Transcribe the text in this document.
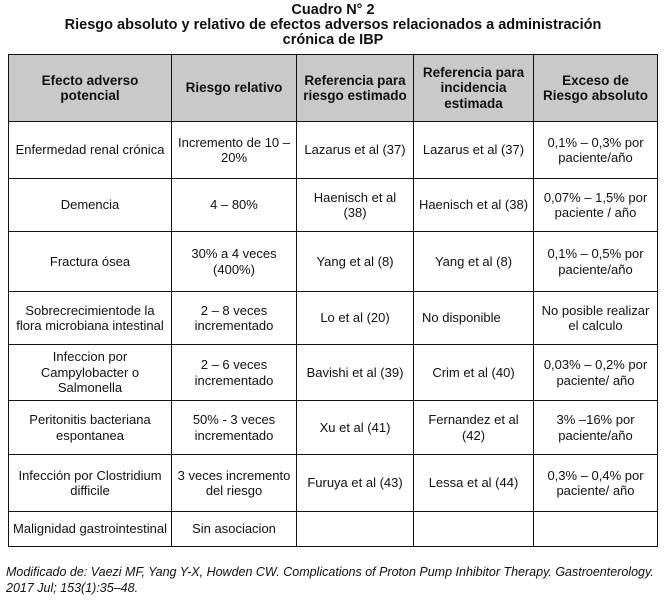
Cuadro N° 2
Riesgo absoluto y relativo de efectos adversos relacionados a administración
crónica de IBP
Efecto adverso potencial	Riesgo relativo	Referencia para riesgo estimado	Referencia para incidencia estimada	Exceso de Riesgo absoluto
Enfermedad renal crónica	Incremento de 10 – 20%	Lazarus et al (37)	Lazarus et al (37)	0,1% – 0,3% por paciente/año
Demencia	4 – 80%	Haenisch et al (38)	Haenisch et al (38)	0,07% – 1,5% por paciente / año
Fractura ósea	30% a 4 veces (400%)	Yang et al (8)	Yang et al (8)	0,1% – 0,5% por paciente/año
Sobrecrecimientode la flora microbiana intestinal	2 – 8 veces incrementado	Lo et al (20)	No disponible	No posible realizar el calculo
Infeccion por Campylobacter o Salmonella	2 – 6 veces incrementado	Bavishi et al (39)	Crim et al (40)	0,03% – 0,2% por paciente/ año
Peritonitis bacteriana espontanea	50% - 3 veces incrementado	Xu et al (41)	Fernandez et al (42)	3% –16% por paciente/año
Infección por Clostridium difficile	3 veces incremento del riesgo	Furuya et al (43)	Lessa et al (44)	0,3% – 0,4% por paciente/ año
Malignidad gastrointestinal	Sin asociacion			
Modificado de: Vaezi MF, Yang Y-X, Howden CW. Complications of Proton Pump Inhibitor Therapy. Gastroenterology. 2017 Jul; 153(1):35–48.
